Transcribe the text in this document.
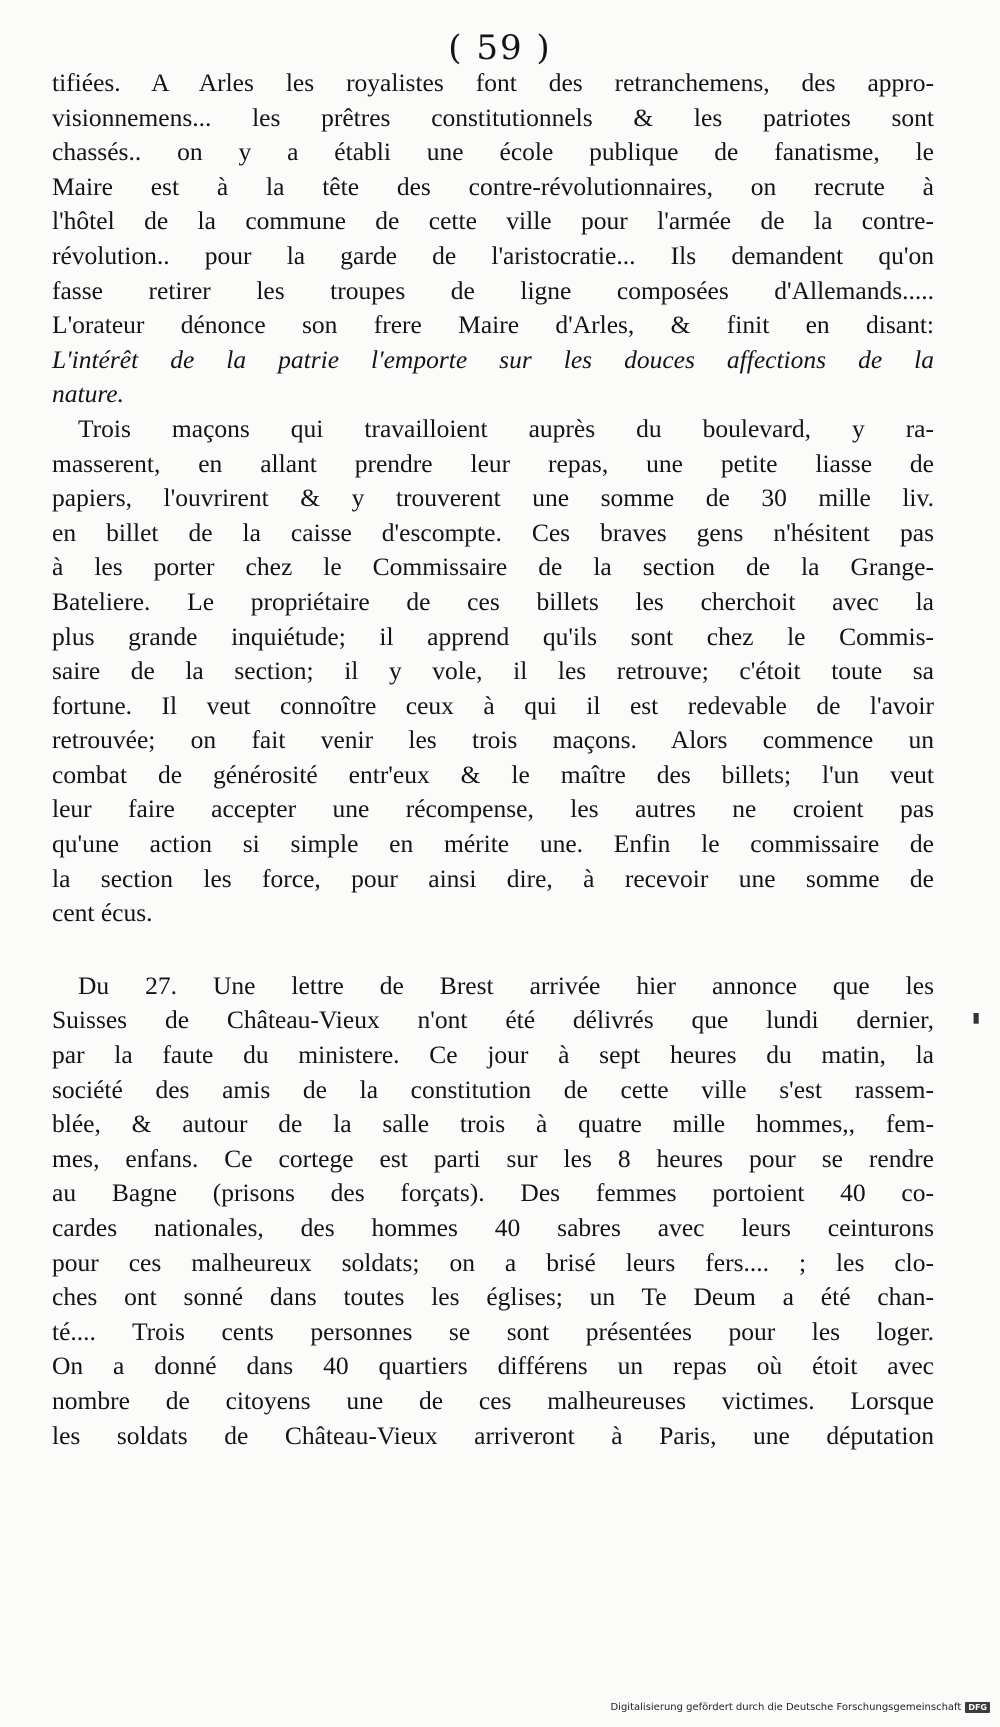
( 59 )
tifiées. A Arles les royalistes font des retranchemens, des appro-
visionnemens... les prêtres constitutionnels & les patriotes sont
chassés.. on y a établi une école publique de fanatisme, le
Maire est à la tête des contre-révolutionnaires, on recrute à
l'hôtel de la commune de cette ville pour l'armée de la contre-
révolution.. pour la garde de l'aristocratie... Ils demandent qu'on
fasse retirer les troupes de ligne composées d'Allemands.....
L'orateur dénonce son frere Maire d'Arles, & finit en disant:
L'intérêt de la patrie l'emporte sur les douces affections de la
nature.
Trois maçons qui travailloient auprès du boulevard, y ra-
masserent, en allant prendre leur repas, une petite liasse de
papiers, l'ouvrirent & y trouverent une somme de 30 mille liv.
en billet de la caisse d'escompte. Ces braves gens n'hésitent pas
à les porter chez le Commissaire de la section de la Grange-
Bateliere. Le propriétaire de ces billets les cherchoit avec la
plus grande inquiétude; il apprend qu'ils sont chez le Commis-
saire de la section; il y vole, il les retrouve; c'étoit toute sa
fortune. Il veut connoître ceux à qui il est redevable de l'avoir
retrouvée; on fait venir les trois maçons. Alors commence un
combat de générosité entr'eux & le maître des billets; l'un veut
leur faire accepter une récompense, les autres ne croient pas
qu'une action si simple en mérite une. Enfin le commissaire de
la section les force, pour ainsi dire, à recevoir une somme de
cent écus.
Du 27. Une lettre de Brest arrivée hier annonce que les
Suisses de Château-Vieux n'ont été délivrés que lundi dernier,
par la faute du ministere. Ce jour à sept heures du matin, la
société des amis de la constitution de cette ville s'est rassem-
blée, & autour de la salle trois à quatre mille hommes,, fem-
mes, enfans. Ce cortege est parti sur les 8 heures pour se rendre
au Bagne (prisons des forçats). Des femmes portoient 40 co-
cardes nationales, des hommes 40 sabres avec leurs ceinturons
pour ces malheureux soldats; on a brisé leurs fers.... ; les clo-
ches ont sonné dans toutes les églises; un Te Deum a été chan-
té.... Trois cents personnes se sont présentées pour les loger.
On a donné dans 40 quartiers différens un repas où étoit avec
nombre de citoyens une de ces malheureuses victimes. Lorsque
les soldats de Château-Vieux arriveront à Paris, une députation
▮
Digitalisierung gefördert durch die Deutsche Forschungsgemeinschaft DFG
